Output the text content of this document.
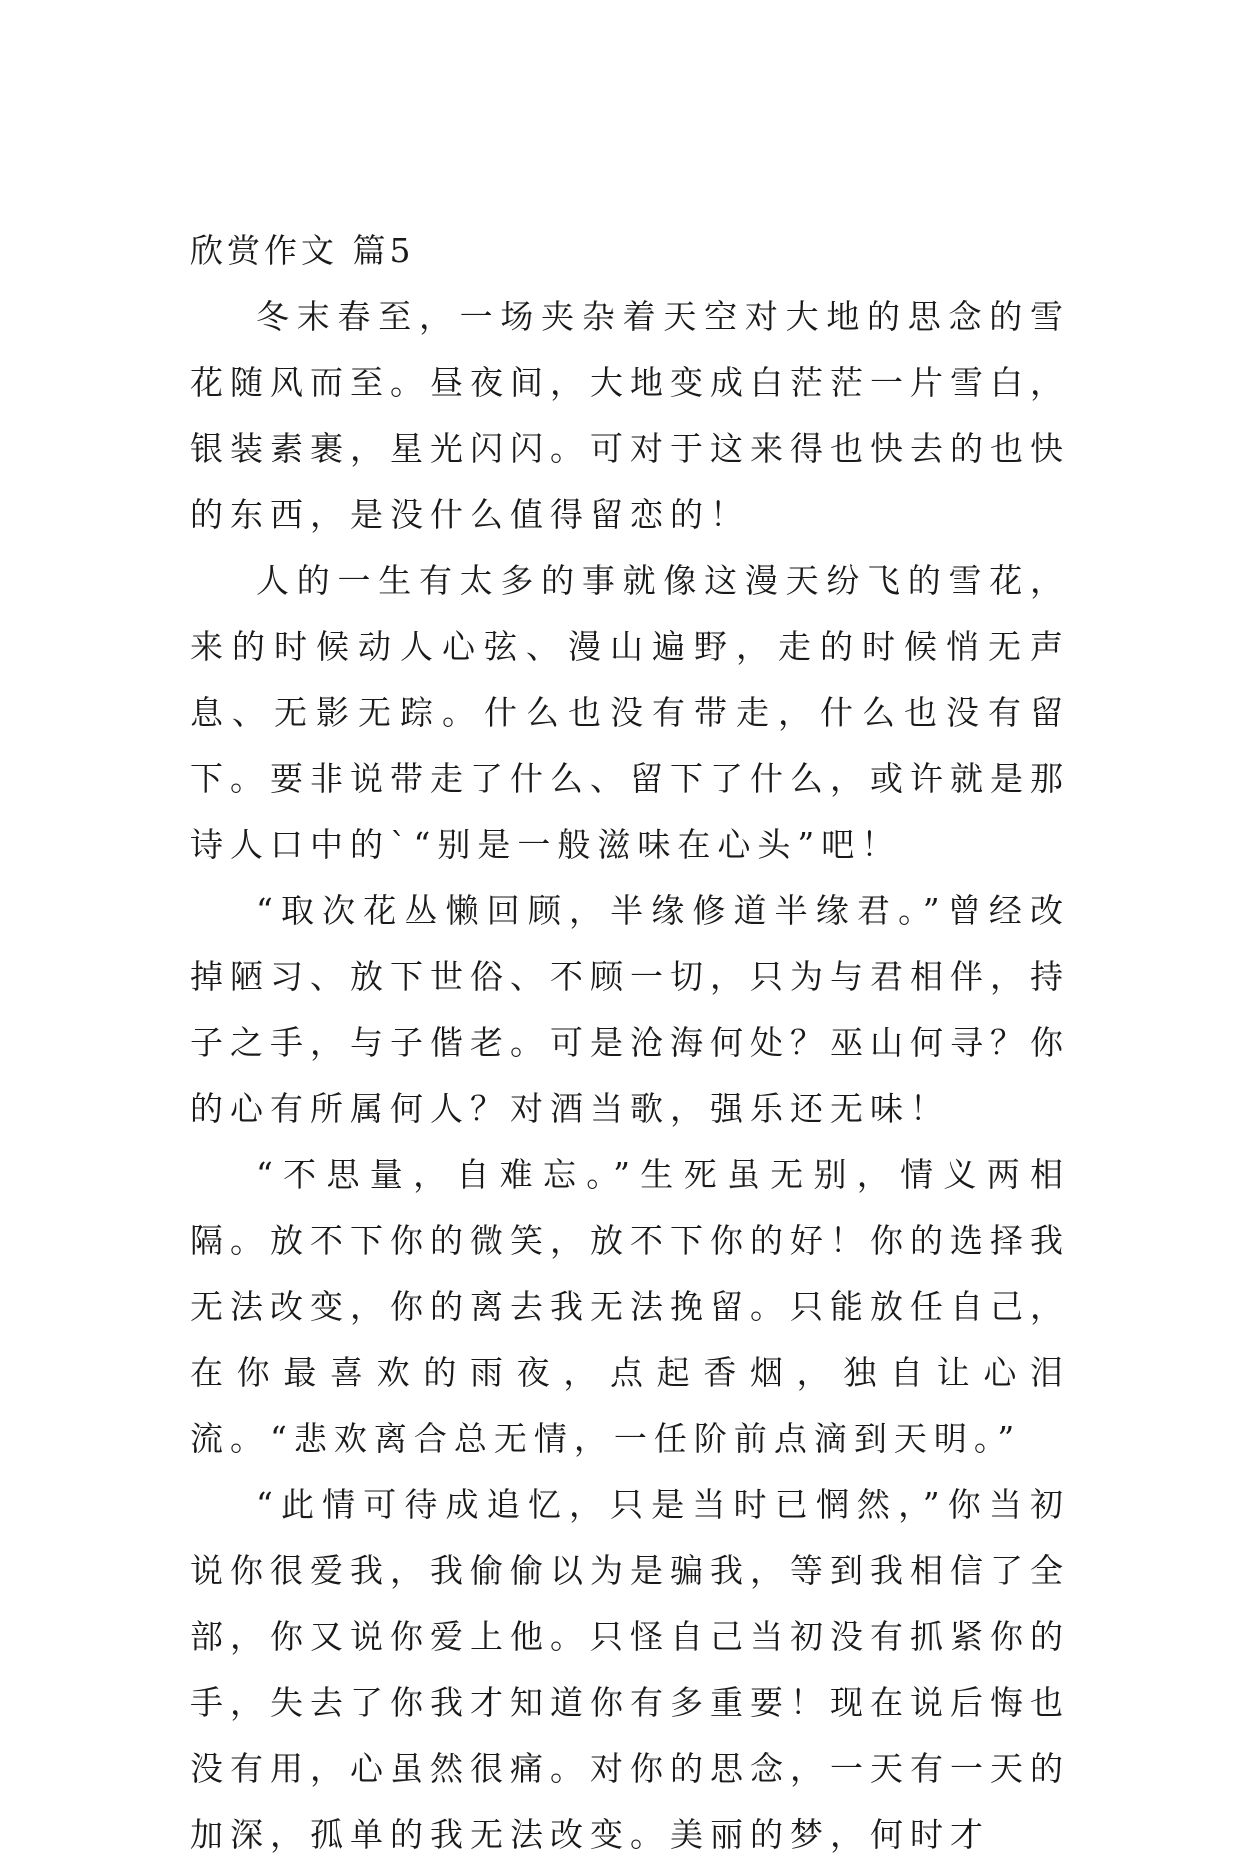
欣赏作文 篇5

冬末春至，一场夹杂着天空对大地的思念的雪花随风而至。昼夜间，大地变成白茫茫一片雪白，银装素裹，星光闪闪。可对于这来得也快去的也快的东西，是没什么值得留恋的！

人的一生有太多的事就像这漫天纷飞的雪花，来的时候动人心弦、漫山遍野，走的时候悄无声息、无影无踪。什么也没有带走，什么也没有留下。要非说带走了什么、留下了什么，或许就是那诗人口中的`“别是一般滋味在心头”吧！

“取次花丛懒回顾，半缘修道半缘君。”曾经改掉陋习、放下世俗、不顾一切，只为与君相伴，持子之手，与子偕老。可是沧海何处？巫山何寻？你的心有所属何人？对酒当歌，强乐还无味！

“不思量，自难忘。”生死虽无别，情义两相隔。放不下你的微笑，放不下你的好！你的选择我无法改变，你的离去我无法挽留。只能放任自己，在你最喜欢的雨夜，点起香烟，独自让心泪流。“悲欢离合总无情，一任阶前点滴到天明。”

“此情可待成追忆，只是当时已惘然，”你当初说你很爱我，我偷偷以为是骗我，等到我相信了全部，你又说你爱上他。只怪自己当初没有抓紧你的手，失去了你我才知道你有多重要！现在说后悔也没有用，心虽然很痛。对你的思念，一天有一天的加深，孤单的我无法改变。美丽的梦，何时才
